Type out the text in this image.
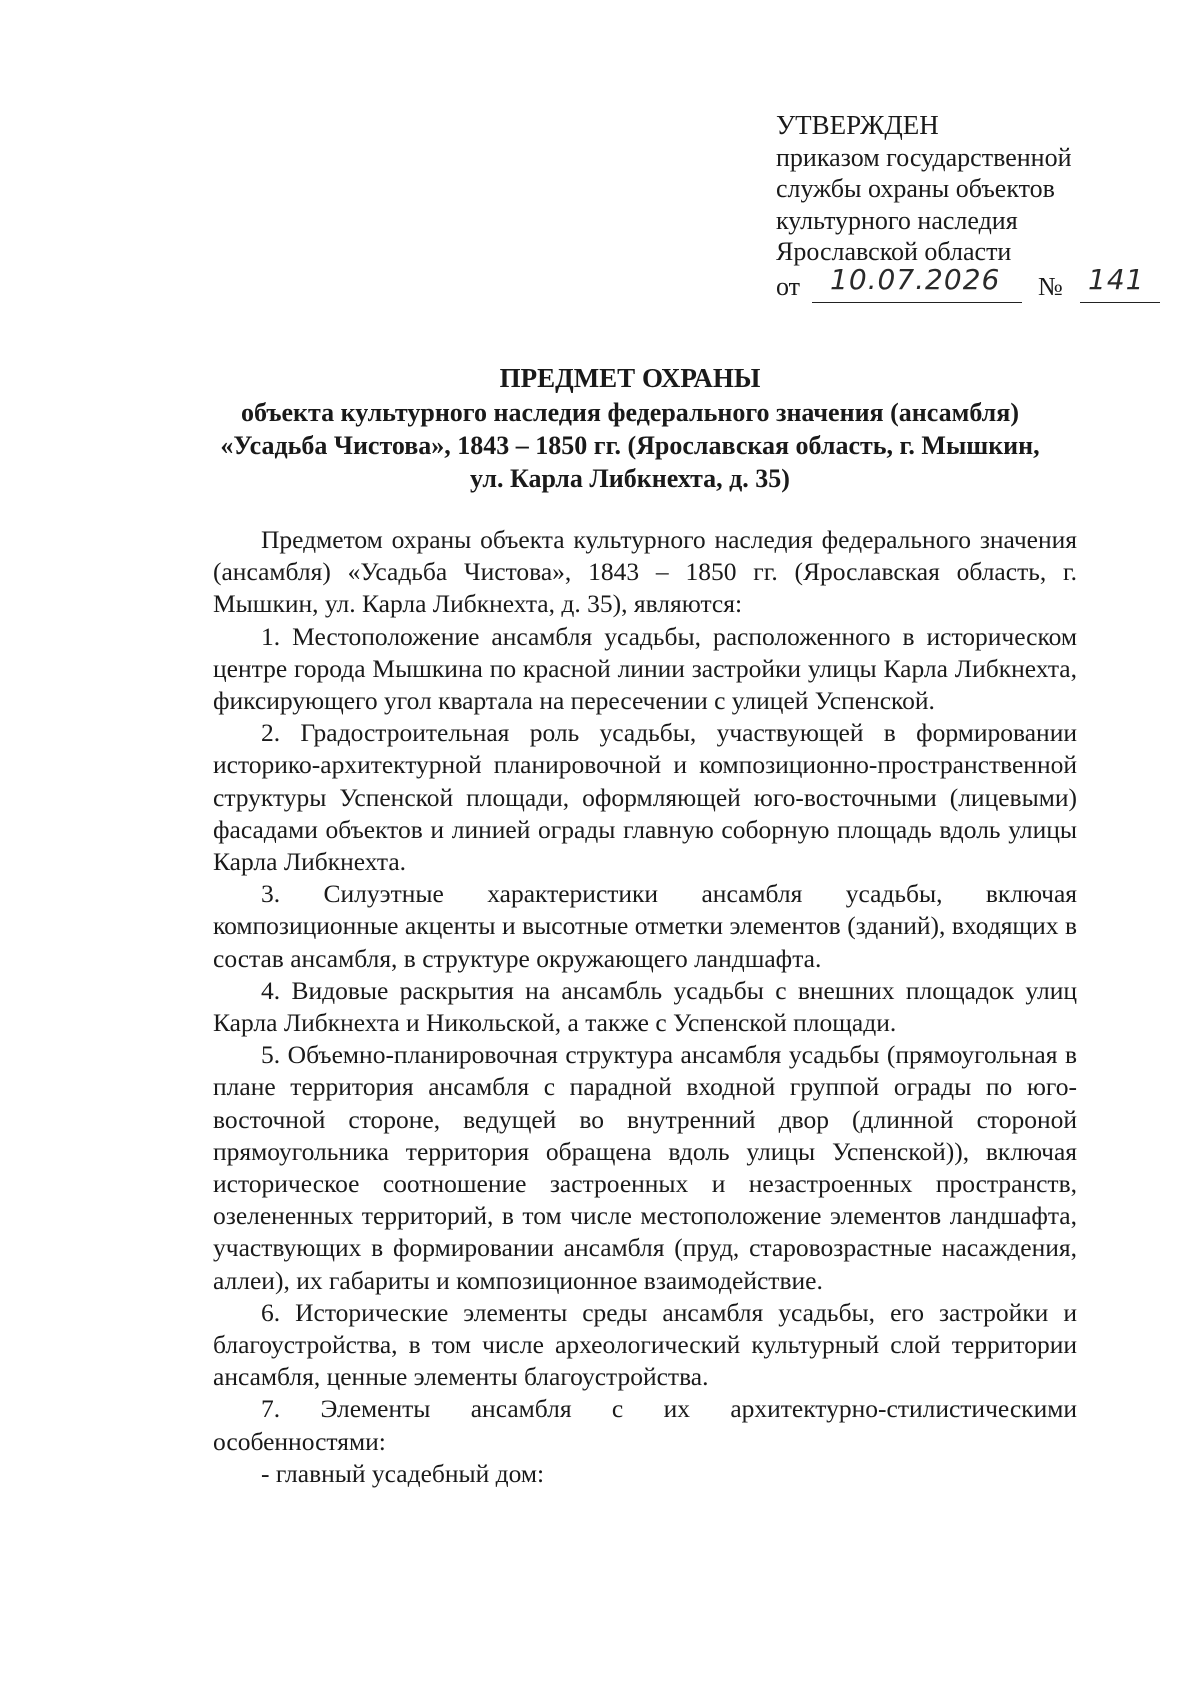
УТВЕРЖДЕН
приказом государственной
службы охраны объектов
культурного наследия
Ярославской области
от 10.07.2026 № 141
ПРЕДМЕТ ОХРАНЫ
объекта культурного наследия федерального значения (ансамбля)
«Усадьба Чистова», 1843 – 1850 гг. (Ярославская область, г. Мышкин,
ул. Карла Либкнехта, д. 35)

Предметом охраны объекта культурного наследия федерального значения (ансамбля) «Усадьба Чистова», 1843 – 1850 гг. (Ярославская область, г. Мышкин, ул. Карла Либкнехта, д. 35), являются:

1. Местоположение ансамбля усадьбы, расположенного в историческом центре города Мышкина по красной линии застройки улицы Карла Либкнехта, фиксирующего угол квартала на пересечении с улицей Успенской.

2. Градостроительная роль усадьбы, участвующей в формировании историко-архитектурной планировочной и композиционно-пространственной структуры Успенской площади, оформляющей юго-восточными (лицевыми) фасадами объектов и линией ограды главную соборную площадь вдоль улицы Карла Либкнехта.

3. Силуэтные характеристики ансамбля усадьбы, включая композиционные акценты и высотные отметки элементов (зданий), входящих в состав ансамбля, в структуре окружающего ландшафта.

4. Видовые раскрытия на ансамбль усадьбы с внешних площадок улиц Карла Либкнехта и Никольской, а также с Успенской площади.

5. Объемно-планировочная структура ансамбля усадьбы (прямоугольная в плане территория ансамбля с парадной входной группой ограды по юго-восточной стороне, ведущей во внутренний двор (длинной стороной прямоугольника территория обращена вдоль улицы Успенской)), включая историческое соотношение застроенных и незастроенных пространств, озелененных территорий, в том числе местоположение элементов ландшафта, участвующих в формировании ансамбля (пруд, старовозрастные насаждения, аллеи), их габариты и композиционное взаимодействие.

6. Исторические элементы среды ансамбля усадьбы, его застройки и благоустройства, в том числе археологический культурный слой территории ансамбля, ценные элементы благоустройства.

7. Элементы ансамбля с их архитектурно-стилистическими особенностями:

- главный усадебный дом:
